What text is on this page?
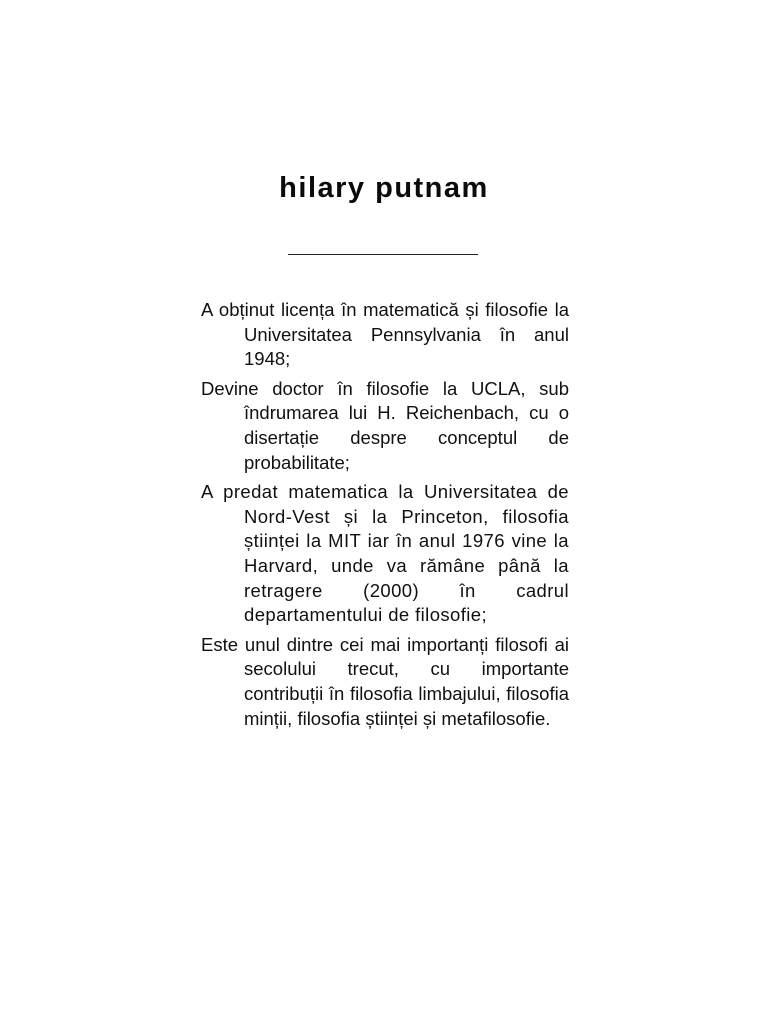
hilary putnam
A obținut licența în matematică și filosofie la Universitatea Pennsylvania în anul 1948;
Devine doctor în filosofie la UCLA, sub îndrumarea lui H. Reichenbach, cu o disertație despre conceptul de probabilitate;
A predat matematica la Universitatea de Nord-Vest și la Princeton, filosofia științei la MIT iar în anul 1976 vine la Harvard, unde va rămâne până la retragere (2000) în cadrul departamentului de filosofie;
Este unul dintre cei mai importanți filosofi ai secolului trecut, cu importante contribuții în filosofia limbajului, filosofia minții, filosofia științei și metafilosofie.
